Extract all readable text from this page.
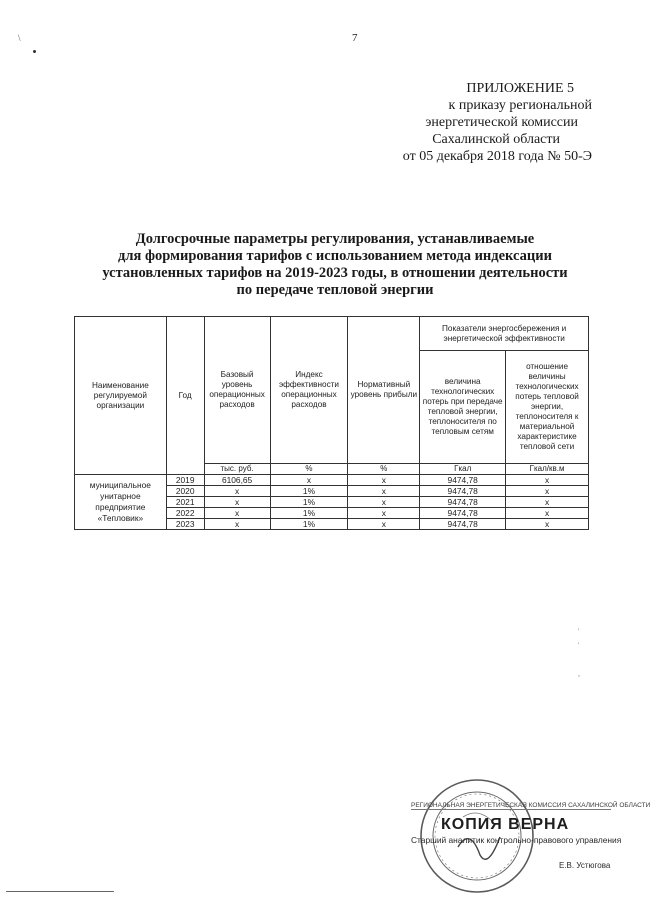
\	7
ПРИЛОЖЕНИЕ 5
к приказу региональной
энергетической комиссии
Сахалинской области
от 05 декабря 2018 года № 50-Э
Долгосрочные параметры регулирования, устанавливаемые
для формирования тарифов с использованием метода индексации
установленных тарифов на 2019-2023 годы, в отношении деятельности
по передаче тепловой энергии
Наименование регулируемой организации	Год	Базовый уровень операционных расходов	Индекс эффективности операционных расходов	Нормативный уровень прибыли	Показатели энергосбережения и энергетической эффективности	
					величина технологических потерь при передаче тепловой энергии, теплоносителя по тепловым сетям	отношение величины технологических потерь тепловой энергии, теплоносителя к материальной характеристике тепловой сети
		тыс. руб.	%	%	Гкал	Гкал/кв.м
муниципальное унитарное предприятие «Тепловик»	2019	6106,65	х	х	9474,78	х
	2020	х	1%	х	9474,78	х
	2021	х	1%	х	9474,78	х
	2022	х	1%	х	9474,78	х
	2023	х	1%	х	9474,78	х
'
'

,
РЕГИОНАЛЬНАЯ ЭНЕРГЕТИЧЕСКАЯ КОМИССИЯ САХАЛИНСКОЙ ОБЛАСТИ
КОПИЯ ВЕРНА
Старший аналитик контрольно-правового управления
Е.В. Устюгова
